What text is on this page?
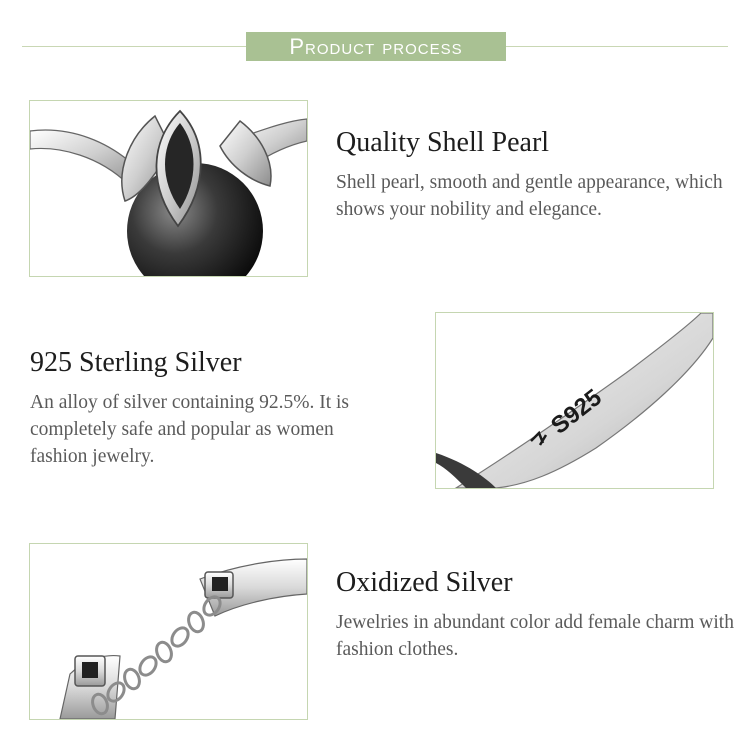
Product process
Quality Shell Pearl
Shell pearl, smooth and gentle appearance, which shows your nobility and elegance.
925 Sterling Silver
An alloy of silver containing 92.5%. It is completely safe and popular as women fashion jewelry.
S925
Oxidized Silver
Jewelries in abundant color add female charm with fashion clothes.
